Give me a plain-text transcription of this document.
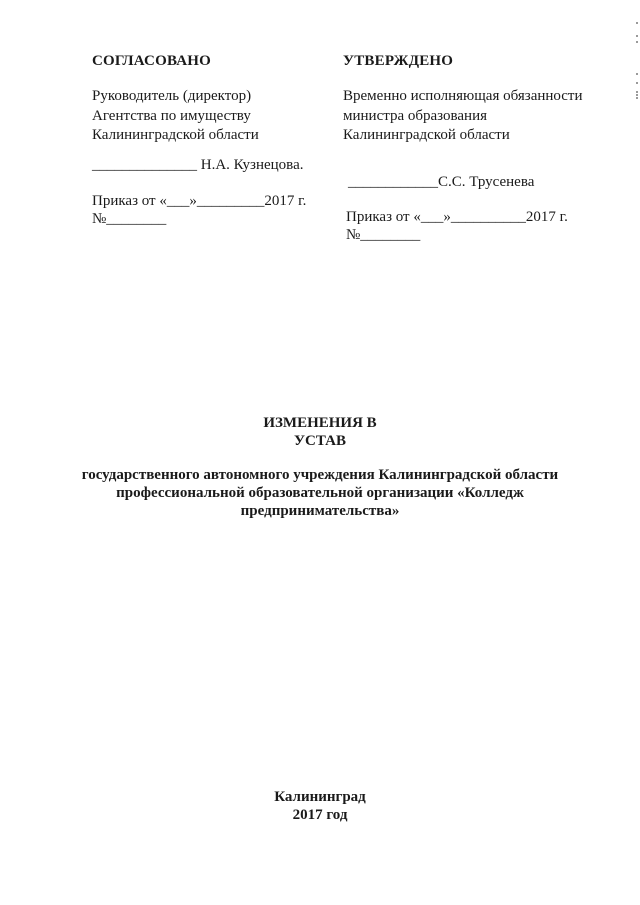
СОГЛАСОВАНО
Руководитель (директор)
Агентства по имуществу
Калининградской области
______________ Н.А. Кузнецова.
Приказ от «___»_________2017 г.
№________
УТВЕРЖДЕНО
Временно исполняющая обязанности
министра образования
Калининградской области
____________С.С. Трусенева
Приказ от «___»__________2017 г.
№________
ИЗМЕНЕНИЯ В
УСТАВ
государственного автономного учреждения Калининградской области
профессиональной образовательной организации «Колледж
предпринимательства»
Калининград
2017 год
